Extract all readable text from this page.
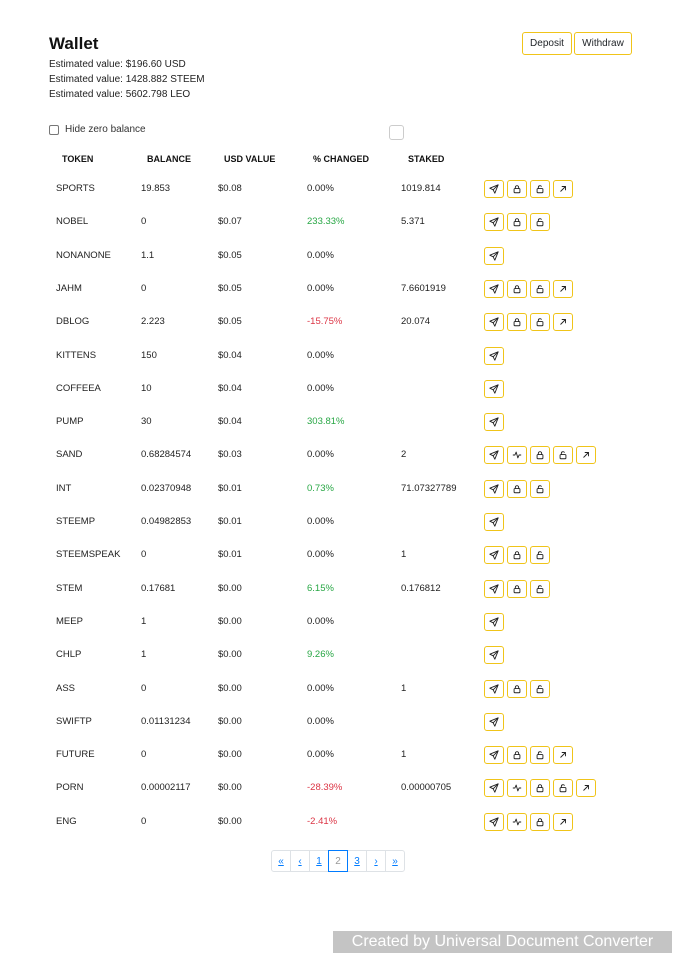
Wallet
Estimated value: $196.60 USD
Estimated value: 1428.882 STEEM
Estimated value: 5602.798 LEO
Deposit	Withdraw
Hide zero balance
TOKEN	BALANCE	USD VALUE	% CHANGED	STAKED
SPORTS	19.853	$0.08	0.00%	1019.814
NOBEL	0	$0.07	233.33%	5.371
NONANONE	1.1	$0.05	0.00%
JAHM	0	$0.05	0.00%	7.6601919
DBLOG	2.223	$0.05	-15.75%	20.074
KITTENS	150	$0.04	0.00%
COFFEEA	10	$0.04	0.00%
PUMP	30	$0.04	303.81%
SAND	0.68284574	$0.03	0.00%	2
INT	0.02370948	$0.01	0.73%	71.07327789
STEEMP	0.04982853	$0.01	0.00%
STEEMSPEAK 0	$0.01	0.00%	1
STEM	0.17681	$0.00	6.15%	0.176812
MEEP	1	$0.00	0.00%
CHLP	1	$0.00	9.26%
ASS	0	$0.00	0.00%	1
SWIFTP	0.01131234	$0.00	0.00%
FUTURE	0	$0.00	0.00%	1
PORN	0.00002117	$0.00	-28.39%	0.00000705
ENG	0	$0.00	-2.41%
«	‹	1	2	3	›	»
Created by Universal Document Converter
